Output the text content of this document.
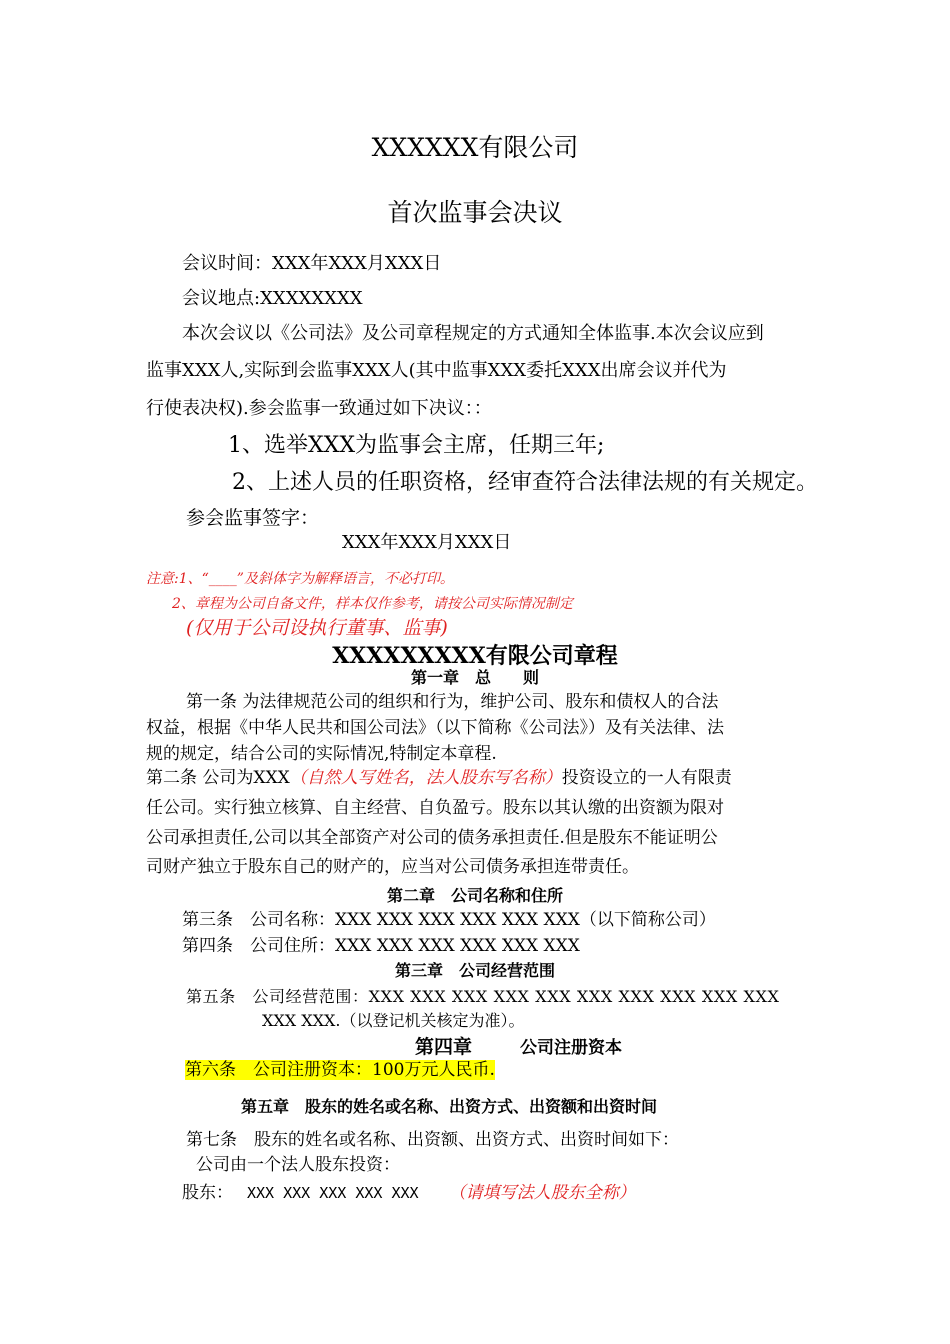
XXXXXX有限公司
首次监事会决议
会议时间：XXX年XXX月XXX日
会议地点:XXXXXXXX
本次会议以《公司法》及公司章程规定的方式通知全体监事.本次会议应到
监事XXX人,实际到会监事XXX人(其中监事XXX委托XXX出席会议并代为
行使表决权).参会监事一致通过如下决议：：
1、选举XXX为监事会主席，任期三年;
2、上述人员的任职资格，经审查符合法律法规的有关规定。
参会监事签字：
XXX年XXX月XXX日
注意:1、“____”及斜体字为解释语言，不必打印。
2、章程为公司自备文件，样本仅作参考，请按公司实际情况制定
(仅用于公司设执行董事、监事)
XXXXXXXXX有限公司章程
第一章　总　　则
第一条 为法律规范公司的组织和行为，维护公司、股东和债权人的合法
权益，根据《中华人民共和国公司法》（以下简称《公司法》）及有关法律、法
规的规定，结合公司的实际情况,特制定本章程.
第二条 公司为XXX（自然人写姓名，法人股东写名称）投资设立的一人有限责
任公司。实行独立核算、自主经营、自负盈亏。股东以其认缴的出资额为限对
公司承担责任,公司以其全部资产对公司的债务承担责任.但是股东不能证明公
司财产独立于股东自己的财产的，应当对公司债务承担连带责任。
第二章　公司名称和住所
第三条　公司名称：XXX XXX XXX XXX XXX XXX（以下简称公司）
第四条　公司住所：XXX XXX XXX XXX XXX XXX
第三章　公司经营范围
第五条　公司经营范围：XXX XXX XXX XXX XXX XXX XXX XXX XXX XXX
XXX XXX.（以登记机关核定为准）。
第四章	公司注册资本
第六条　公司注册资本：100万元人民币.
第五章　股东的姓名或名称、出资方式、出资额和出资时间
第七条　股东的姓名或名称、出资额、出资方式、出资时间如下：
公司由一个法人股东投资：
股东： XXX XXX XXX XXX XXX （请填写法人股东全称）
